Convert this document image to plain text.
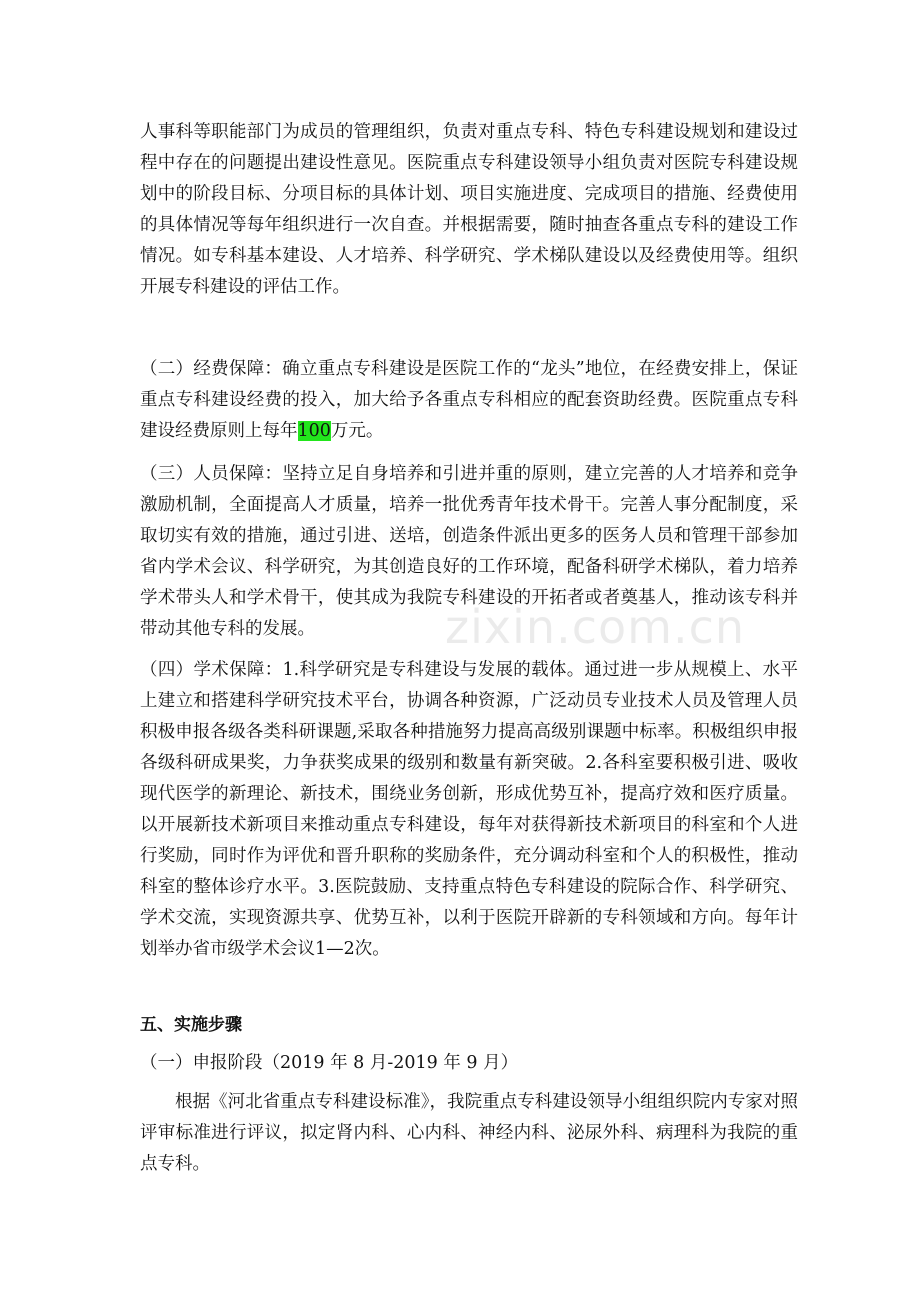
人事科等职能部门为成员的管理组织，负责对重点专科、特色专科建设规划和建设过程中存在的问题提出建设性意见。医院重点专科建设领导小组负责对医院专科建设规划中的阶段目标、分项目标的具体计划、项目实施进度、完成项目的措施、经费使用的具体情况等每年组织进行一次自查。并根据需要，随时抽查各重点专科的建设工作情况。如专科基本建设、人才培养、科学研究、学术梯队建设以及经费使用等。组织开展专科建设的评估工作。

（二）经费保障：确立重点专科建设是医院工作的“龙头”地位，在经费安排上，保证重点专科建设经费的投入，加大给予各重点专科相应的配套资助经费。医院重点专科建设经费原则上每年100万元。

（三）人员保障：坚持立足自身培养和引进并重的原则，建立完善的人才培养和竞争激励机制，全面提高人才质量，培养一批优秀青年技术骨干。完善人事分配制度，采取切实有效的措施，通过引进、送培，创造条件派出更多的医务人员和管理干部参加省内学术会议、科学研究，为其创造良好的工作环境，配备科研学术梯队，着力培养学术带头人和学术骨干，使其成为我院专科建设的开拓者或者奠基人，推动该专科并带动其他专科的发展。	zixin.com.cn

（四）学术保障：1.科学研究是专科建设与发展的载体。通过进一步从规模上、水平上建立和搭建科学研究技术平台，协调各种资源，广泛动员专业技术人员及管理人员积极申报各级各类科研课题,采取各种措施努力提高高级别课题中标率。积极组织申报各级科研成果奖，力争获奖成果的级别和数量有新突破。2.各科室要积极引进、吸收现代医学的新理论、新技术，围绕业务创新，形成优势互补，提高疗效和医疗质量。以开展新技术新项目来推动重点专科建设，每年对获得新技术新项目的科室和个人进行奖励，同时作为评优和晋升职称的奖励条件，充分调动科室和个人的积极性，推动科室的整体诊疗水平。3.医院鼓励、支持重点特色专科建设的院际合作、科学研究、学术交流，实现资源共享、优势互补，以利于医院开辟新的专科领域和方向。每年计划举办省市级学术会议1—2次。

五、实施步骤

（一）申报阶段（2019 年 8 月-2019 年 9 月）

根据《河北省重点专科建设标准》，我院重点专科建设领导小组组织院内专家对照评审标准进行评议，拟定肾内科、心内科、神经内科、泌尿外科、病理科为我院的重点专科。
